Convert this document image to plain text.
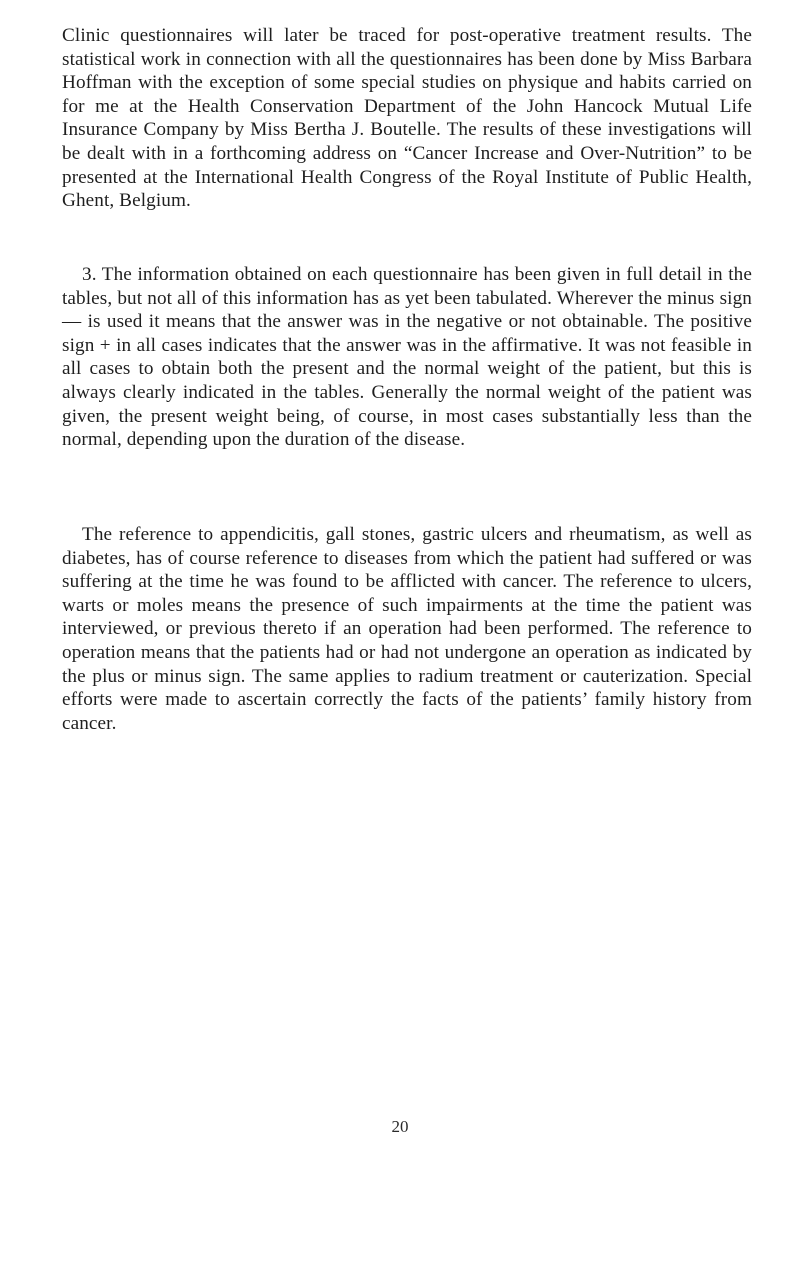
Clinic questionnaires will later be traced for post-operative treatment results. The statistical work in connection with all the questionnaires has been done by Miss Barbara Hoffman with the exception of some special studies on physique and habits carried on for me at the Health Conservation Department of the John Hancock Mutual Life Insurance Company by Miss Bertha J. Boutelle. The results of these investigations will be dealt with in a forthcoming address on “Cancer Increase and Over-Nutrition” to be presented at the International Health Congress of the Royal Institute of Public Health, Ghent, Belgium.

3. The information obtained on each questionnaire has been given in full detail in the tables, but not all of this information has as yet been tabulated. Wherever the minus sign — is used it means that the answer was in the negative or not obtainable. The positive sign + in all cases indicates that the answer was in the affirmative. It was not feasible in all cases to obtain both the present and the normal weight of the patient, but this is always clearly indicated in the tables. Generally the normal weight of the patient was given, the present weight being, of course, in most cases substantially less than the normal, depending upon the duration of the disease.

The reference to appendicitis, gall stones, gastric ulcers and rheumatism, as well as diabetes, has of course reference to diseases from which the patient had suffered or was suffering at the time he was found to be afflicted with cancer. The reference to ulcers, warts or moles means the presence of such impairments at the time the patient was interviewed, or previous thereto if an operation had been performed. The reference to operation means that the patients had or had not undergone an operation as indicated by the plus or minus sign. The same applies to radium treatment or cauterization. Special efforts were made to ascertain correctly the facts of the patients’ family history from cancer.

20
